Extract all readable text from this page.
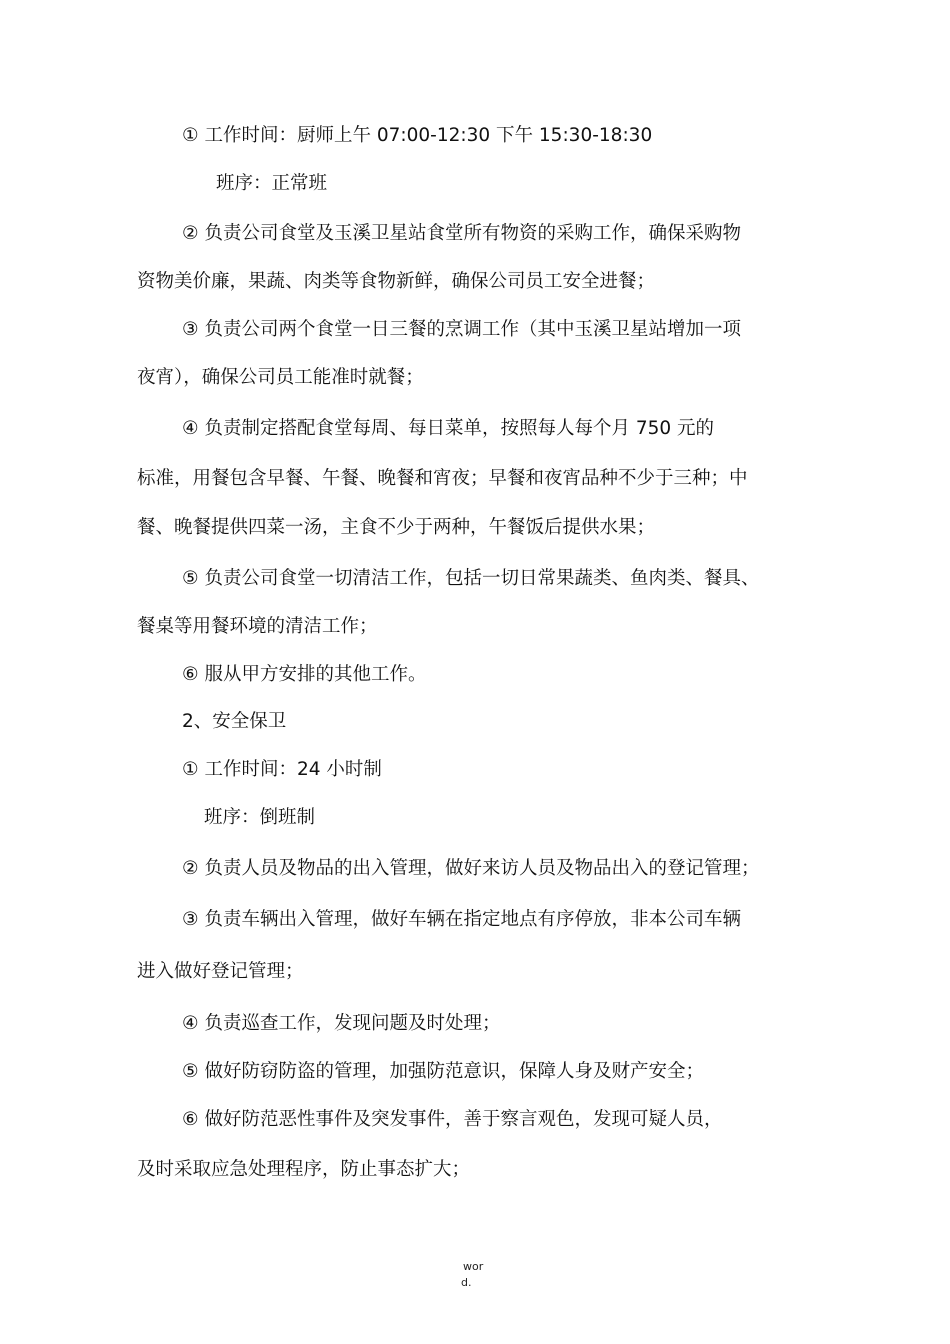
① 工作时间：厨师上午 07:00-12:30 下午 15:30-18:30
班序：正常班
② 负责公司食堂及玉溪卫星站食堂所有物资的采购工作，确保采购物
资物美价廉，果蔬、肉类等食物新鲜，确保公司员工安全进餐；
③ 负责公司两个食堂一日三餐的烹调工作（其中玉溪卫星站增加一项
夜宵），确保公司员工能准时就餐；
④ 负责制定搭配食堂每周、每日菜单，按照每人每个月 750 元的
标准，用餐包含早餐、午餐、晚餐和宵夜；早餐和夜宵品种不少于三种；中
餐、晚餐提供四菜一汤，主食不少于两种，午餐饭后提供水果；
⑤ 负责公司食堂一切清洁工作，包括一切日常果蔬类、鱼肉类、餐具、
餐桌等用餐环境的清洁工作；
⑥ 服从甲方安排的其他工作。
2、安全保卫
① 工作时间：24 小时制
班序：倒班制
② 负责人员及物品的出入管理，做好来访人员及物品出入的登记管理；
③ 负责车辆出入管理，做好车辆在指定地点有序停放，非本公司车辆
进入做好登记管理；
④ 负责巡查工作，发现问题及时处理；
⑤ 做好防窃防盗的管理，加强防范意识，保障人身及财产安全；
⑥ 做好防范恶性事件及突发事件，善于察言观色，发现可疑人员，
及时采取应急处理程序，防止事态扩大；
wor
d.
